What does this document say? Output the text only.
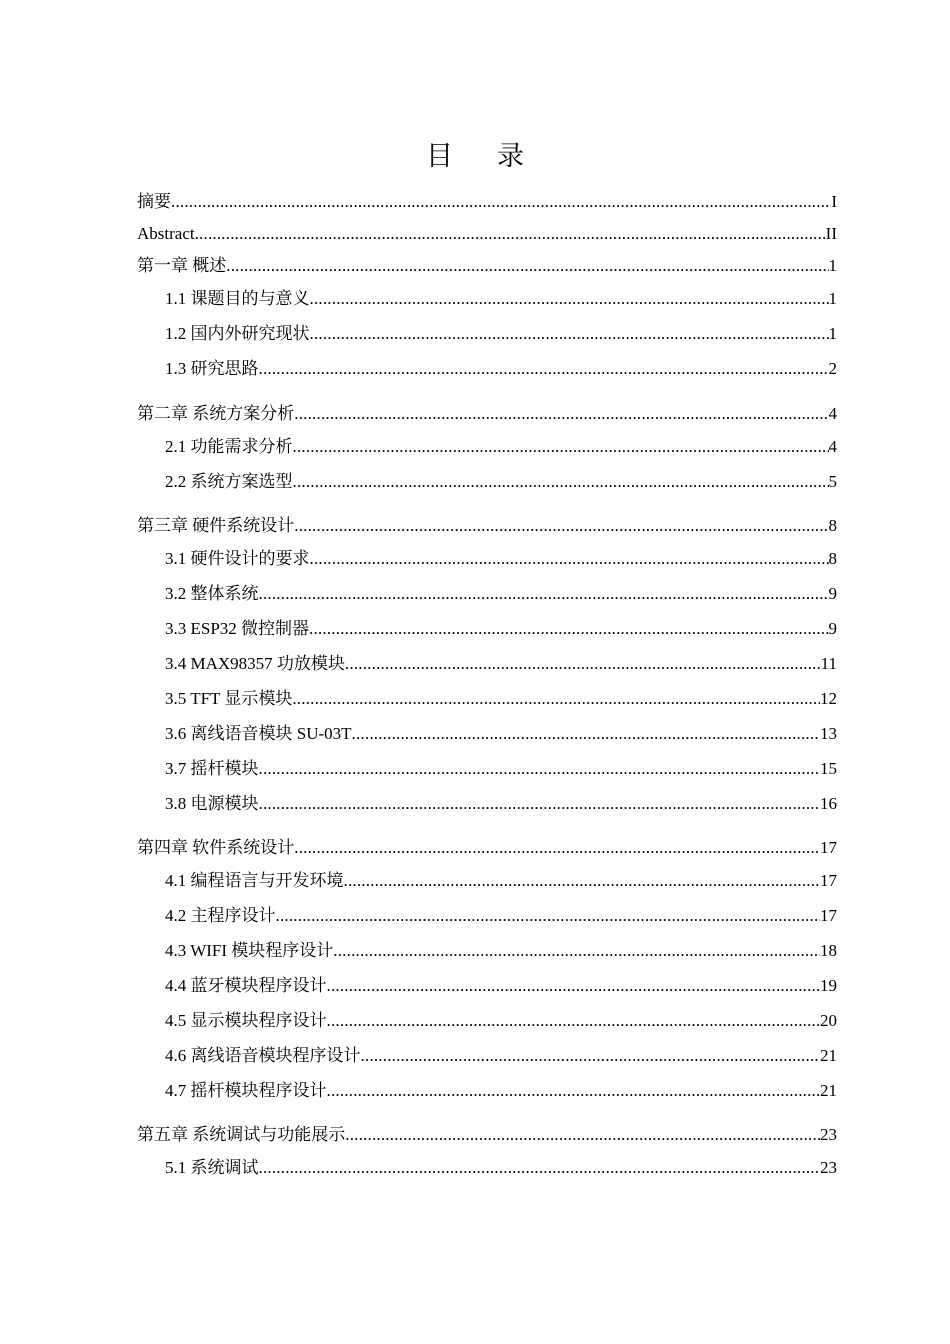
目 录
摘要 .....	I
Abstract .....	II
第一章 概述 .....	1
1.1 课题目的与意义 .....	1
1.2 国内外研究现状 .....	1
1.3 研究思路 .....	2
第二章 系统方案分析 .....	4
2.1 功能需求分析 .....	4
2.2 系统方案选型 .....	5
第三章 硬件系统设计 .....	8
3.1 硬件设计的要求 .....	8
3.2 整体系统 .....	9
3.3 ESP32 微控制器 .....	9
3.4 MAX98357 功放模块 .....	11
3.5 TFT 显示模块 .....	12
3.6 离线语音模块 SU-03T .....	13
3.7 摇杆模块 .....	15
3.8 电源模块 .....	16
第四章 软件系统设计 .....	17
4.1 编程语言与开发环境 .....	17
4.2 主程序设计 .....	17
4.3 WIFI 模块程序设计 .....	18
4.4 蓝牙模块程序设计 .....	19
4.5 显示模块程序设计 .....	20
4.6 离线语音模块程序设计 .....	21
4.7 摇杆模块程序设计 .....	21
第五章 系统调试与功能展示 .....	23
5.1 系统调试 .....	23
